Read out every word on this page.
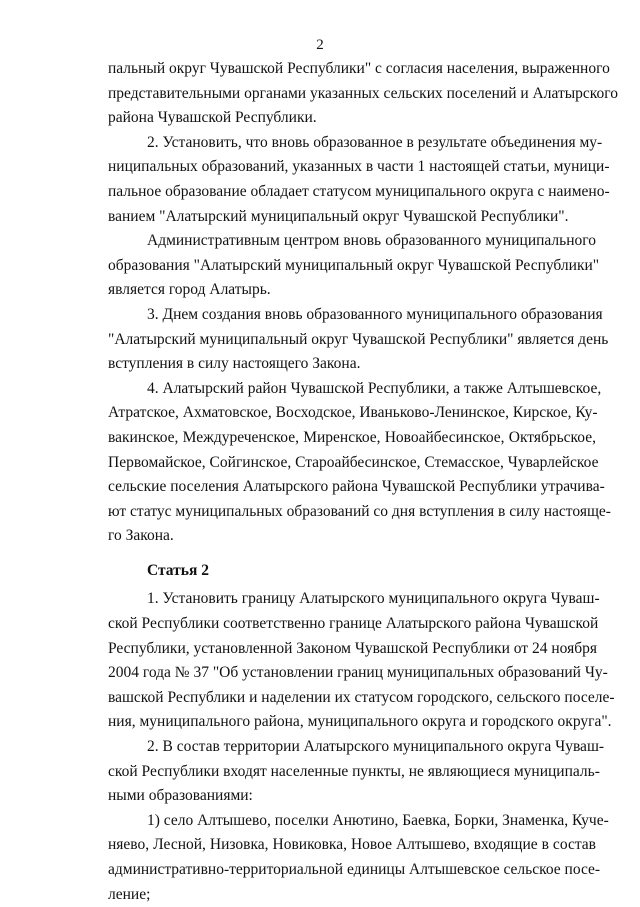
2

пальный округ Чувашской Республики" с согласия населения, выраженного
представительными органами указанных сельских поселений и Алатырского
района Чувашской Республики.

2. Установить, что вновь образованное в результате объединения му-
ниципальных образований, указанных в части 1 настоящей статьи, муници-
пальное образование обладает статусом муниципального округа с наимено-
ванием "Алатырский муниципальный округ Чувашской Республики".

Административным центром вновь образованного муниципального
образования "Алатырский муниципальный округ Чувашской Республики"
является город Алатырь.

3. Днем создания вновь образованного муниципального образования
"Алатырский муниципальный округ Чувашской Республики" является день
вступления в силу настоящего Закона.

4. Алатырский район Чувашской Республики, а также Алтышевское,
Атратское, Ахматовское, Восходское, Иваньково-Ленинское, Кирское, Ку-
вакинское, Междуреченское, Миренское, Новоайбесинское, Октябрьское,
Первомайское, Сойгинское, Староайбесинское, Стемасское, Чуварлейское
сельские поселения Алатырского района Чувашской Республики утрачива-
ют статус муниципальных образований со дня вступления в силу настояще-
го Закона.

Статья 2

1. Установить границу Алатырского муниципального округа Чуваш-
ской Республики соответственно границе Алатырского района Чувашской
Республики, установленной Законом Чувашской Республики от 24 ноября
2004 года № 37 "Об установлении границ муниципальных образований Чу-
вашской Республики и наделении их статусом городского, сельского поселе-
ния, муниципального района, муниципального округа и городского округа".

2. В состав территории Алатырского муниципального округа Чуваш-
ской Республики входят населенные пункты, не являющиеся муниципаль-
ными образованиями:

1) село Алтышево, поселки Анютино, Баевка, Борки, Знаменка, Куче-
няево, Лесной, Низовка, Новиковка, Новое Алтышево, входящие в состав
административно-территориальной единицы Алтышевское сельское посе-
ление;
